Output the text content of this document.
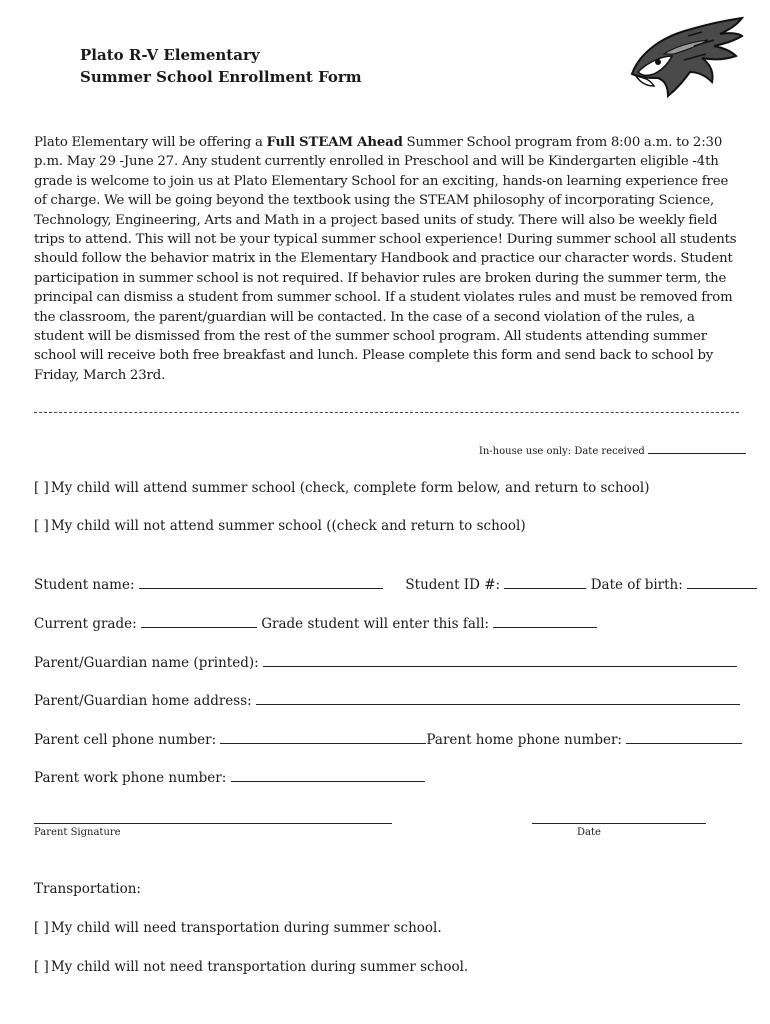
Plato R-V Elementary
Summer School Enrollment Form
Plato Elementary will be offering a Full STEAM Ahead Summer School program from 8:00 a.m. to 2:30 p.m. May 29 -June 27. Any student currently enrolled in Preschool and will be Kindergarten eligible -4th grade is welcome to join us at Plato Elementary School for an exciting, hands-on learning experience free of charge. We will be going beyond the textbook using the STEAM philosophy of incorporating Science, Technology, Engineering, Arts and Math in a project based units of study. There will also be weekly field trips to attend. This will not be your typical summer school experience! During summer school all students should follow the behavior matrix in the Elementary Handbook and practice our character words. Student participation in summer school is not required. If behavior rules are broken during the summer term, the principal can dismiss a student from summer school. If a student violates rules and must be removed from the classroom, the parent/guardian will be contacted. In the case of a second violation of the rules, a student will be dismissed from the rest of the summer school program. All students attending summer school will receive both free breakfast and lunch. Please complete this form and send back to school by Friday, March 23rd.
In-house use only: Date received
[ ] My child will attend summer school (check, complete form below, and return to school)
[ ] My child will not attend summer school ((check and return to school)
Student name:	Student ID #:	Date of birth:
Current grade:	Grade student will enter this fall:
Parent/Guardian name (printed):
Parent/Guardian home address:
Parent cell phone number:	Parent home phone number:
Parent work phone number:
Parent Signature	Date
Transportation:
[ ] My child will need transportation during summer school.
[ ] My child will not need transportation during summer school.
